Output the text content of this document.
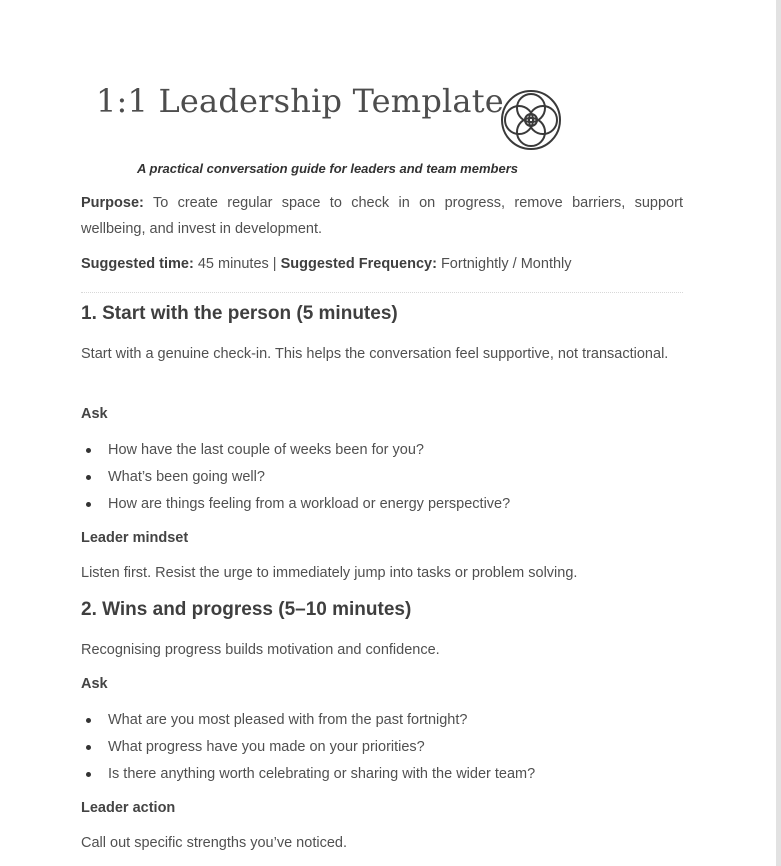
1:1 Leadership Template
A practical conversation guide for leaders and team members
Purpose: To create regular space to check in on progress, remove barriers, support wellbeing, and invest in development.
Suggested time: 45 minutes | Suggested Frequency: Fortnightly / Monthly
1. Start with the person (5 minutes)
Start with a genuine check-in. This helps the conversation feel supportive, not transactional.
Ask
How have the last couple of weeks been for you?
What’s been going well?
How are things feeling from a workload or energy perspective?
Leader mindset
Listen first. Resist the urge to immediately jump into tasks or problem solving.
2. Wins and progress (5–10 minutes)
Recognising progress builds motivation and confidence.
Ask
What are you most pleased with from the past fortnight?
What progress have you made on your priorities?
Is there anything worth celebrating or sharing with the wider team?
Leader action
Call out specific strengths you’ve noticed.
